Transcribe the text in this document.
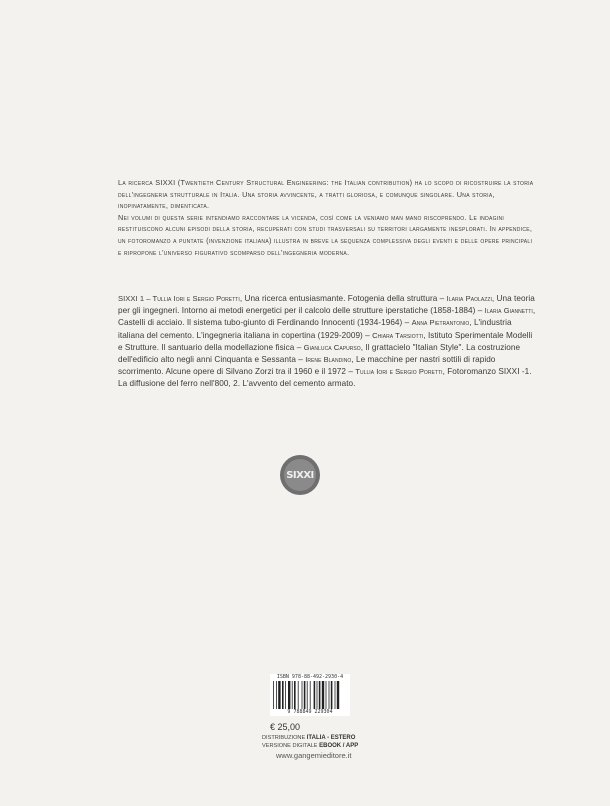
La ricerca SIXXI (Twentieth Century Structural Engineering: the Italian contribution) ha lo scopo di ricostruire la storia dell'ingegneria strutturale in Italia. Una storia avvincente, a tratti gloriosa, e comunque singolare. Una storia, inopinatamente, dimenticata.

Nei volumi di questa serie intendiamo raccontare la vicenda, così come la veniamo man mano riscoprendo. Le indagini restituiscono alcuni episodi della storia, recuperati con studi trasversali su territori largamente inesplorati. In appendice, un fotoromanzo a puntate (invenzione italiana) illustra in breve la sequenza complessiva degli eventi e delle opere principali e ripropone l'universo figurativo scomparso dell'ingegneria moderna.

SIXXI 1 – Tullia Iori e Sergio Poretti, Una ricerca entusiasmante. Fotogenia della struttura – Ilaria Paolazzi, Una teoria per gli ingegneri. Intorno ai metodi energetici per il calcolo delle strutture iperstatiche (1858-1884) – Ilaria Giannetti, Castelli di acciaio. Il sistema tubo-giunto di Ferdinando Innocenti (1934-1964) – Anna Pietrantonio, L'industria italiana del cemento. L'ingegneria italiana in copertina (1929-2009) – Chiara Tarsiotti, Istituto Sperimentale Modelli e Strutture. Il santuario della modellazione fisica – Gianluca Capurso, Il grattacielo "Italian Style". La costruzione dell'edificio alto negli anni Cinquanta e Sessanta – Irene Blandino, Le macchine per nastri sottili di rapido scorrimento. Alcune opere di Silvano Zorzi tra il 1960 e il 1972 – Tullia Iori e Sergio Poretti, Fotoromanzo SIXXI -1. La diffusione del ferro nell'800, 2. L'avvento del cemento armato.
SIXXI
ISBN 978-88-492-2930-4
9 788849 229304
€ 25,00
DISTRIBUZIONE ITALIA - ESTERO
VERSIONE DIGITALE EBOOK / APP
www.gangemieditore.it
